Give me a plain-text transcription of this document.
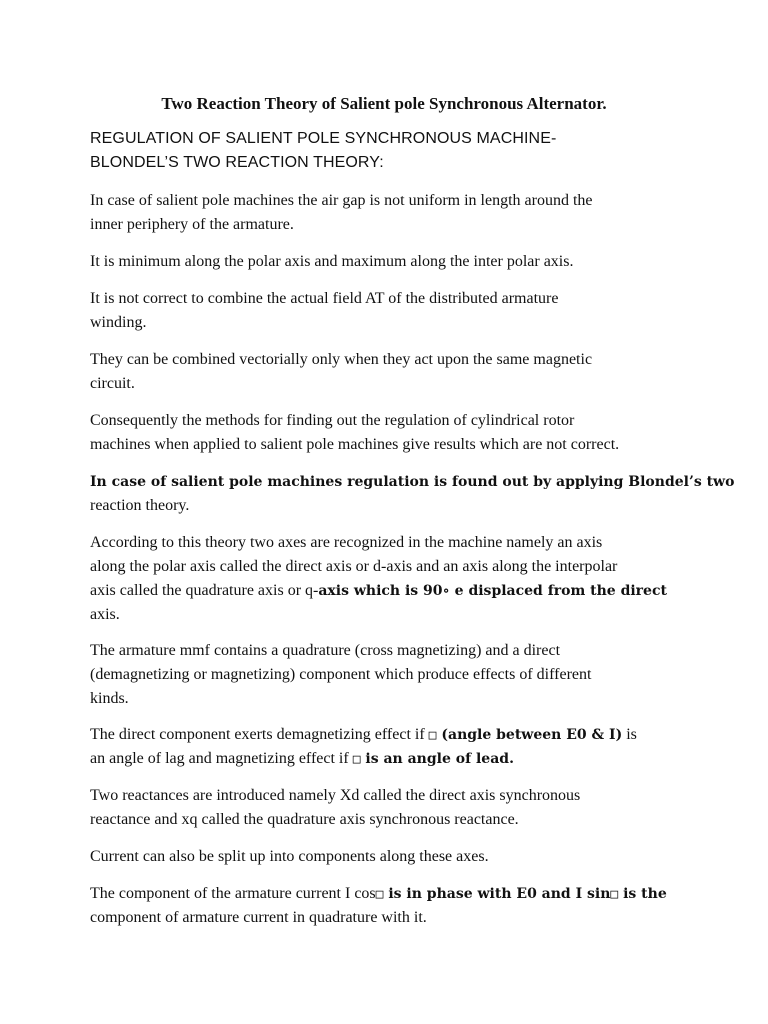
Two Reaction Theory of Salient pole Synchronous Alternator.
REGULATION OF SALIENT POLE SYNCHRONOUS MACHINE-
BLONDEL’S TWO REACTION THEORY:
In case of salient pole machines the air gap is not uniform in length around the
inner periphery of the armature.
It is minimum along the polar axis and maximum along the inter polar axis.
It is not correct to combine the actual field AT of the distributed armature
winding.
They can be combined vectorially only when they act upon the same magnetic
circuit.
Consequently the methods for finding out the regulation of cylindrical rotor
machines when applied to salient pole machines give results which are not correct.
In case of salient pole machines regulation is found out by applying Blondel’s two
reaction theory.
According to this theory two axes are recognized in the machine namely an axis
along the polar axis called the direct axis or d-axis and an axis along the interpolar
axis called the quadrature axis or q-axis which is 90∘ e displaced from the direct
axis.
The armature mmf contains a quadrature (cross magnetizing) and a direct
(demagnetizing or magnetizing) component which produce effects of different
kinds.
The direct component exerts demagnetizing effect if □ (angle between E0 & I) is
an angle of lag and magnetizing effect if □ is an angle of lead.
Two reactances are introduced namely Xd called the direct axis synchronous
reactance and xq called the quadrature axis synchronous reactance.
Current can also be split up into components along these axes.
The component of the armature current I cos□ is in phase with E0 and I sin□ is the
component of armature current in quadrature with it.
